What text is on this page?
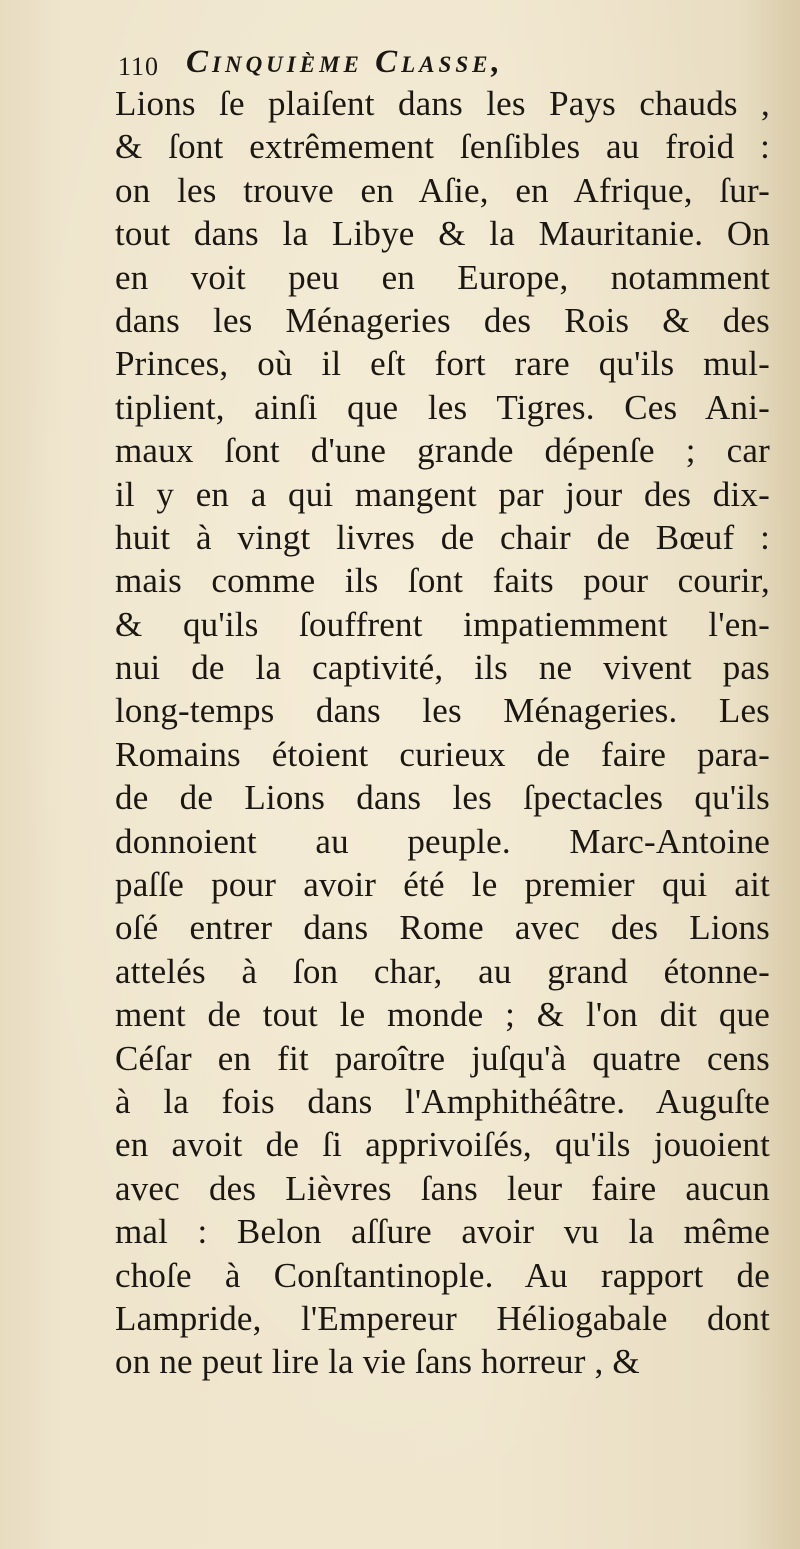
110 Cinquième Classe,
Lions ſe plaiſent dans les Pays chauds ,
& ſont extrêmement ſenſibles au froid :
on les trouve en Aſie, en Afrique, ſur-
tout dans la Libye & la Mauritanie. On
en voit peu en Europe, notamment
dans les Ménageries des Rois & des
Princes, où il eſt fort rare qu'ils mul-
tiplient, ainſi que les Tigres. Ces Ani-
maux ſont d'une grande dépenſe ; car
il y en a qui mangent par jour des dix-
huit à vingt livres de chair de Bœuf :
mais comme ils ſont faits pour courir,
& qu'ils ſouffrent impatiemment l'en-
nui de la captivité, ils ne vivent pas
long-temps dans les Ménageries. Les
Romains étoient curieux de faire para-
de de Lions dans les ſpectacles qu'ils
donnoient au peuple. Marc-Antoine
paſſe pour avoir été le premier qui ait
oſé entrer dans Rome avec des Lions
attelés à ſon char, au grand étonne-
ment de tout le monde ; & l'on dit que
Céſar en fit paroître juſqu'à quatre cens
à la fois dans l'Amphithéâtre. Auguſte
en avoit de ſi apprivoiſés, qu'ils jouoient
avec des Lièvres ſans leur faire aucun
mal : Belon aſſure avoir vu la même
choſe à Conſtantinople. Au rapport de
Lampride, l'Empereur Héliogabale dont
on ne peut lire la vie ſans horreur , &
